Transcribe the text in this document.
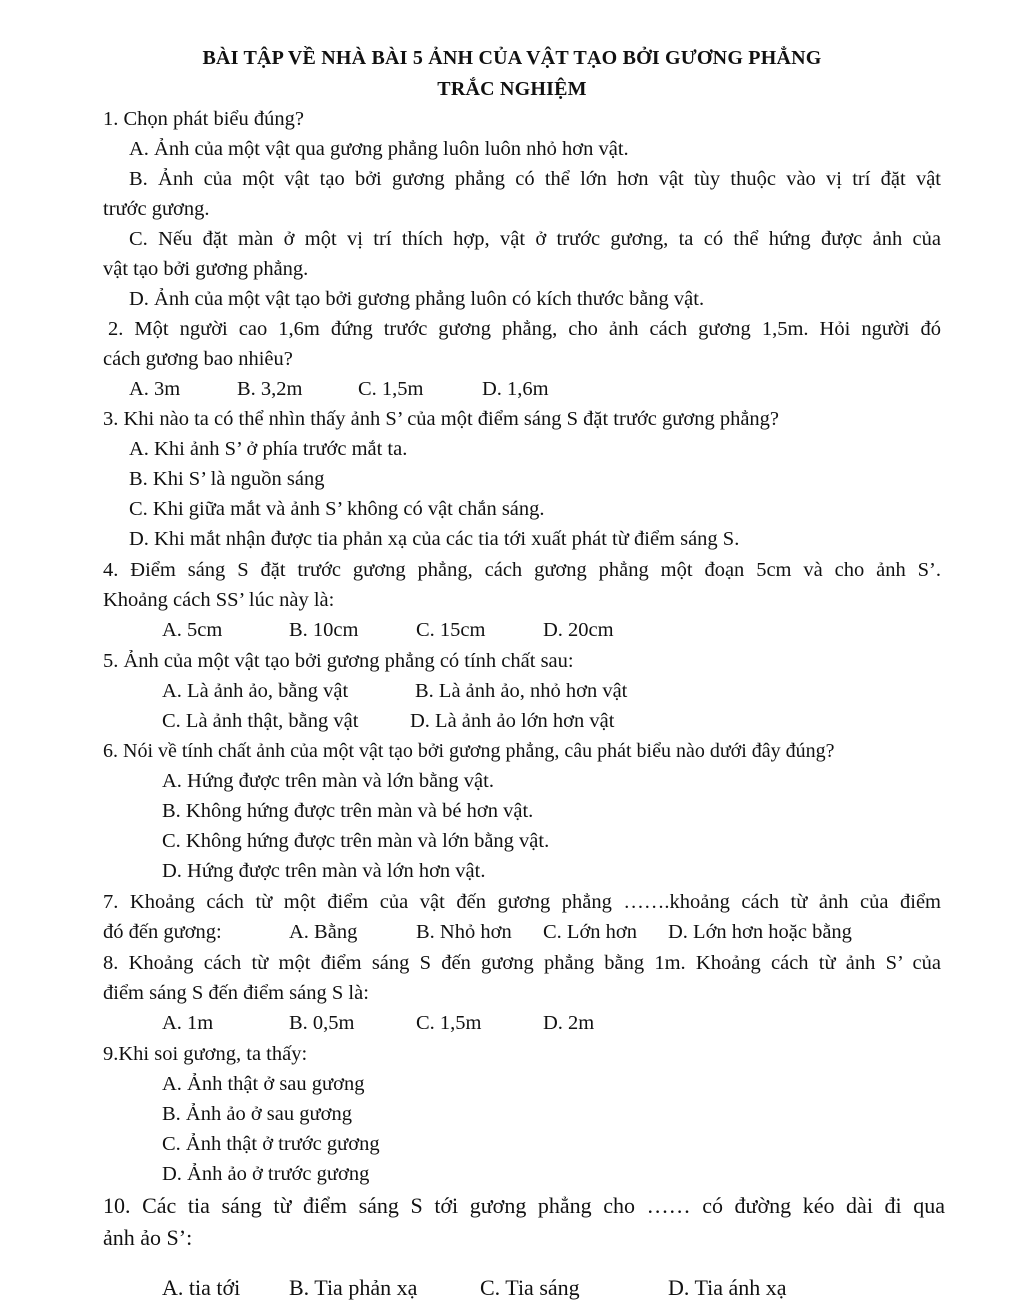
BÀI TẬP VỀ NHÀ BÀI 5 ẢNH CỦA VẬT TẠO BỞI GƯƠNG PHẲNG
TRẮC NGHIỆM
1. Chọn phát biểu đúng?
A. Ảnh của một vật qua gương phẳng luôn luôn nhỏ hơn vật.
B. Ảnh của một vật tạo bởi gương phẳng có thể lớn hơn vật tùy thuộc vào vị trí đặt vật
trước gương.
C. Nếu đặt màn ở một vị trí thích hợp, vật ở trước gương, ta có thể hứng được ảnh của
vật tạo bởi gương phẳng.
D. Ảnh của một vật tạo bởi gương phẳng luôn có kích thước bằng vật.
2. Một người cao 1,6m đứng trước gương phẳng, cho ảnh cách gương 1,5m. Hỏi người đó
cách gương bao nhiêu?
A. 3m	B. 3,2m	C. 1,5m	D. 1,6m
3. Khi nào ta có thể nhìn thấy ảnh S’ của một điểm sáng S đặt trước gương phẳng?
A. Khi ảnh S’ ở phía trước mắt ta.
B. Khi S’ là nguồn sáng
C. Khi giữa mắt và ảnh S’ không có vật chắn sáng.
D. Khi mắt nhận được tia phản xạ của các tia tới xuất phát từ điểm sáng S.
4. Điểm sáng S đặt trước gương phẳng, cách gương phẳng một đoạn 5cm và cho ảnh S’.
Khoảng cách SS’ lúc này là:
A. 5cm	B. 10cm	C. 15cm	D. 20cm
5. Ảnh của một vật tạo bởi gương phẳng có tính chất sau:
A. Là ảnh ảo, bằng vật	B. Là ảnh ảo, nhỏ hơn vật
C. Là ảnh thật, bằng vật	D. Là ảnh ảo lớn hơn vật
6. Nói về tính chất ảnh của một vật tạo bởi gương phẳng, câu phát biểu nào dưới đây đúng?
A. Hứng được trên màn và lớn bằng vật.
B. Không hứng được trên màn và bé hơn vật.
C. Không hứng được trên màn và lớn bằng vật.
D. Hứng được trên màn và lớn hơn vật.
7. Khoảng cách từ một điểm của vật đến gương phẳng …….khoảng cách từ ảnh của điểm
đó đến gương:	A. Bằng	B. Nhỏ hơn C. Lớn hơn D. Lớn hơn hoặc bằng
8. Khoảng cách từ một điểm sáng S đến gương phẳng bằng 1m. Khoảng cách từ ảnh S’ của
điểm sáng S đến điểm sáng S là:
A. 1m	B. 0,5m	C. 1,5m	D. 2m
9.Khi soi gương, ta thấy:
A. Ảnh thật ở sau gương
B. Ảnh ảo ở sau gương
C. Ảnh thật ở trước gương
D. Ảnh ảo ở trước gương
10. Các tia sáng từ điểm sáng S tới gương phẳng cho …… có đường kéo dài đi qua
ảnh ảo S’:
A. tia tới B. Tia phản xạ	C. Tia sáng	D. Tia ánh xạ
